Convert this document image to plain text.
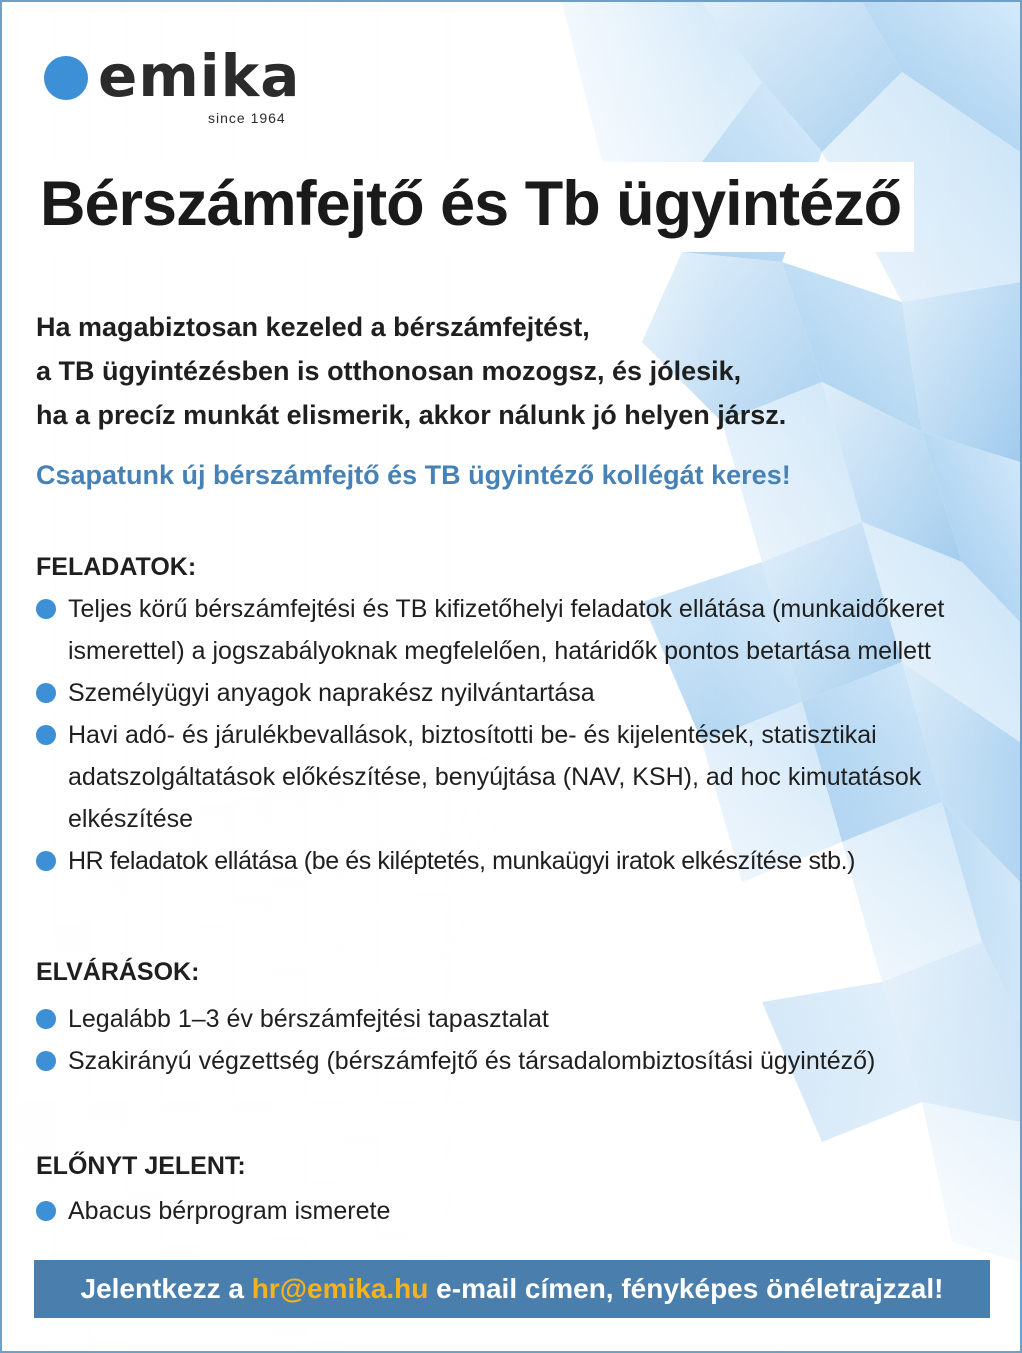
emika
since 1964
Bérszámfejtő és Tb ügyintéző
Ha magabiztosan kezeled a bérszámfejtést,
a TB ügyintézésben is otthonosan mozogsz, és jólesik,
ha a precíz munkát elismerik, akkor nálunk jó helyen jársz.
Csapatunk új bérszámfejtő és TB ügyintéző kollégát keres!
FELADATOK:
Teljes körű bérszámfejtési és TB kifizetőhelyi feladatok ellátása (munkaidőkeret ismerettel) a jogszabályoknak megfelelően, határidők pontos betartása mellett
Személyügyi anyagok naprakész nyilvántartása
Havi adó- és járulékbevallások, biztosítotti be- és kijelentések, statisztikai adatszolgáltatások előkészítése, benyújtása (NAV, KSH), ad hoc kimutatások elkészítése
HR feladatok ellátása (be és kiléptetés, munkaügyi iratok elkészítése stb.)
ELVÁRÁSOK:
Legalább 1–3 év bérszámfejtési tapasztalat
Szakirányú végzettség (bérszámfejtő és társadalombiztosítási ügyintéző)
ELŐNYT JELENT:
Abacus bérprogram ismerete
Jelentkezz a
hr@emika.hu
e-mail címen, fényképes önéletrajzzal!
